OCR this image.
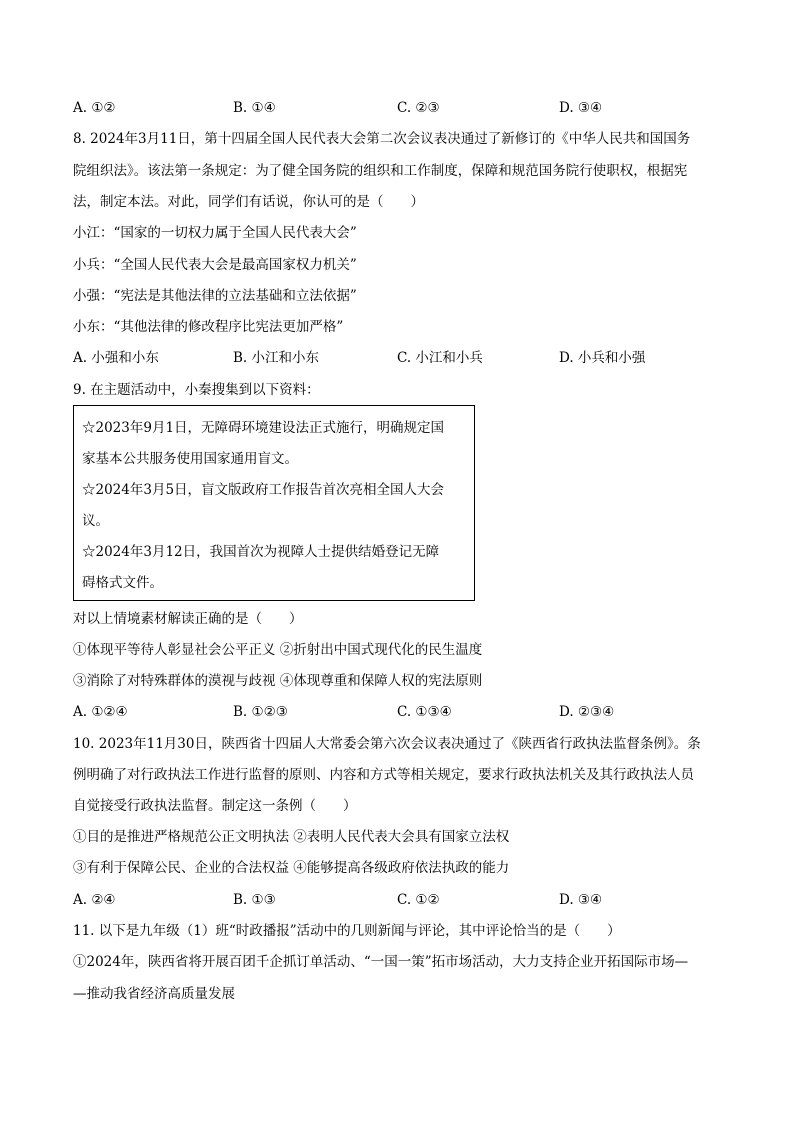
A. ①②	B. ①④	C. ②③	D. ③④
8. 2024年3月11日，第十四届全国人民代表大会第二次会议表决通过了新修订的《中华人民共和国国务
院组织法》。该法第一条规定：为了健全国务院的组织和工作制度，保障和规范国务院行使职权，根据宪
法，制定本法。对此，同学们有话说，你认可的是（　　）
小江：“国家的一切权力属于全国人民代表大会”
小兵：“全国人民代表大会是最高国家权力机关”
小强：“宪法是其他法律的立法基础和立法依据”
小东：“其他法律的修改程序比宪法更加严格”
A. 小强和小东	B. 小江和小东	C. 小江和小兵	D. 小兵和小强
9. 在主题活动中，小秦搜集到以下资料：
☆2023年9月1日，无障碍环境建设法正式施行，明确规定国
家基本公共服务使用国家通用盲文。
☆2024年3月5日，盲文版政府工作报告首次亮相全国人大会
议。
☆2024年3月12日，我国首次为视障人士提供结婚登记无障
碍格式文件。
对以上情境素材解读正确的是（　　）
①体现平等待人彰显社会公平正义 ②折射出中国式现代化的民生温度
③消除了对特殊群体的漠视与歧视 ④体现尊重和保障人权的宪法原则
A. ①②④	B. ①②③	C. ①③④	D. ②③④
10. 2023年11月30日，陕西省十四届人大常委会第六次会议表决通过了《陕西省行政执法监督条例》。条
例明确了对行政执法工作进行监督的原则、内容和方式等相关规定，要求行政执法机关及其行政执法人员
自觉接受行政执法监督。制定这一条例（　　）
①目的是推进严格规范公正文明执法 ②表明人民代表大会具有国家立法权
③有利于保障公民、企业的合法权益 ④能够提高各级政府依法执政的能力
A. ②④	B. ①③	C. ①②	D. ③④
11. 以下是九年级（1）班“时政播报”活动中的几则新闻与评论，其中评论恰当的是（　　）
①2024年，陕西省将开展百团千企抓订单活动、“一国一策”拓市场活动，大力支持企业开拓国际市场—
—推动我省经济高质量发展
